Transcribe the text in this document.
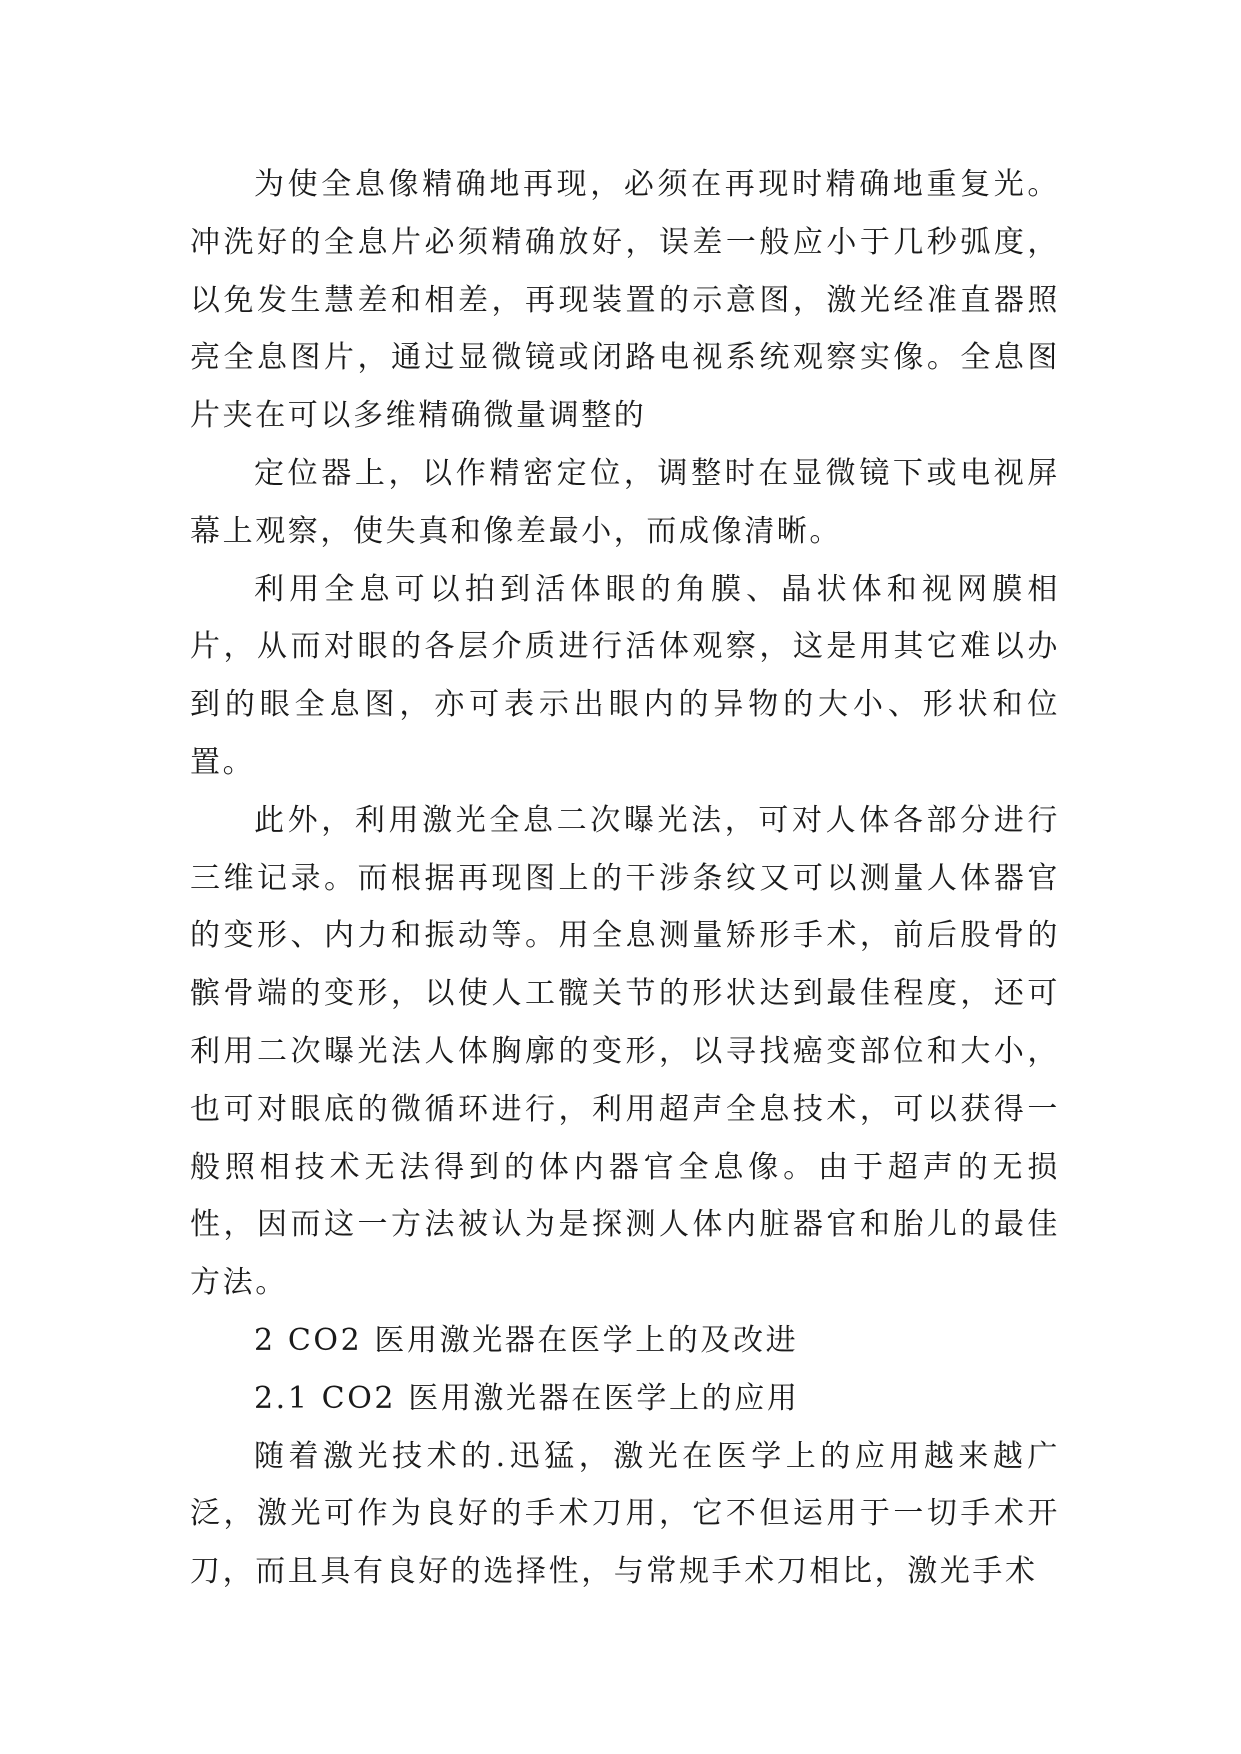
为使全息像精确地再现，必须在再现时精确地重复光。冲洗好的全息片必须精确放好，误差一般应小于几秒弧度，以免发生慧差和相差，再现装置的示意图，激光经准直器照亮全息图片，通过显微镜或闭路电视系统观察实像。全息图片夹在可以多维精确微量调整的

定位器上，以作精密定位，调整时在显微镜下或电视屏幕上观察，使失真和像差最小，而成像清晰。

利用全息可以拍到活体眼的角膜、晶状体和视网膜相片，从而对眼的各层介质进行活体观察，这是用其它难以办到的眼全息图，亦可表示出眼内的异物的大小、形状和位置。

此外，利用激光全息二次曝光法，可对人体各部分进行三维记录。而根据再现图上的干涉条纹又可以测量人体器官的变形、内力和振动等。用全息测量矫形手术，前后股骨的髌骨端的变形，以使人工髋关节的形状达到最佳程度，还可利用二次曝光法人体胸廓的变形，以寻找癌变部位和大小，也可对眼底的微循环进行，利用超声全息技术，可以获得一般照相技术无法得到的体内器官全息像。由于超声的无损性，因而这一方法被认为是探测人体内脏器官和胎儿的最佳方法。

2 CO2 医用激光器在医学上的及改进

2.1 CO2 医用激光器在医学上的应用

随着激光技术的.迅猛，激光在医学上的应用越来越广泛，激光可作为良好的手术刀用，它不但运用于一切手术开刀，而且具有良好的选择性，与常规手术刀相比，激光手术
